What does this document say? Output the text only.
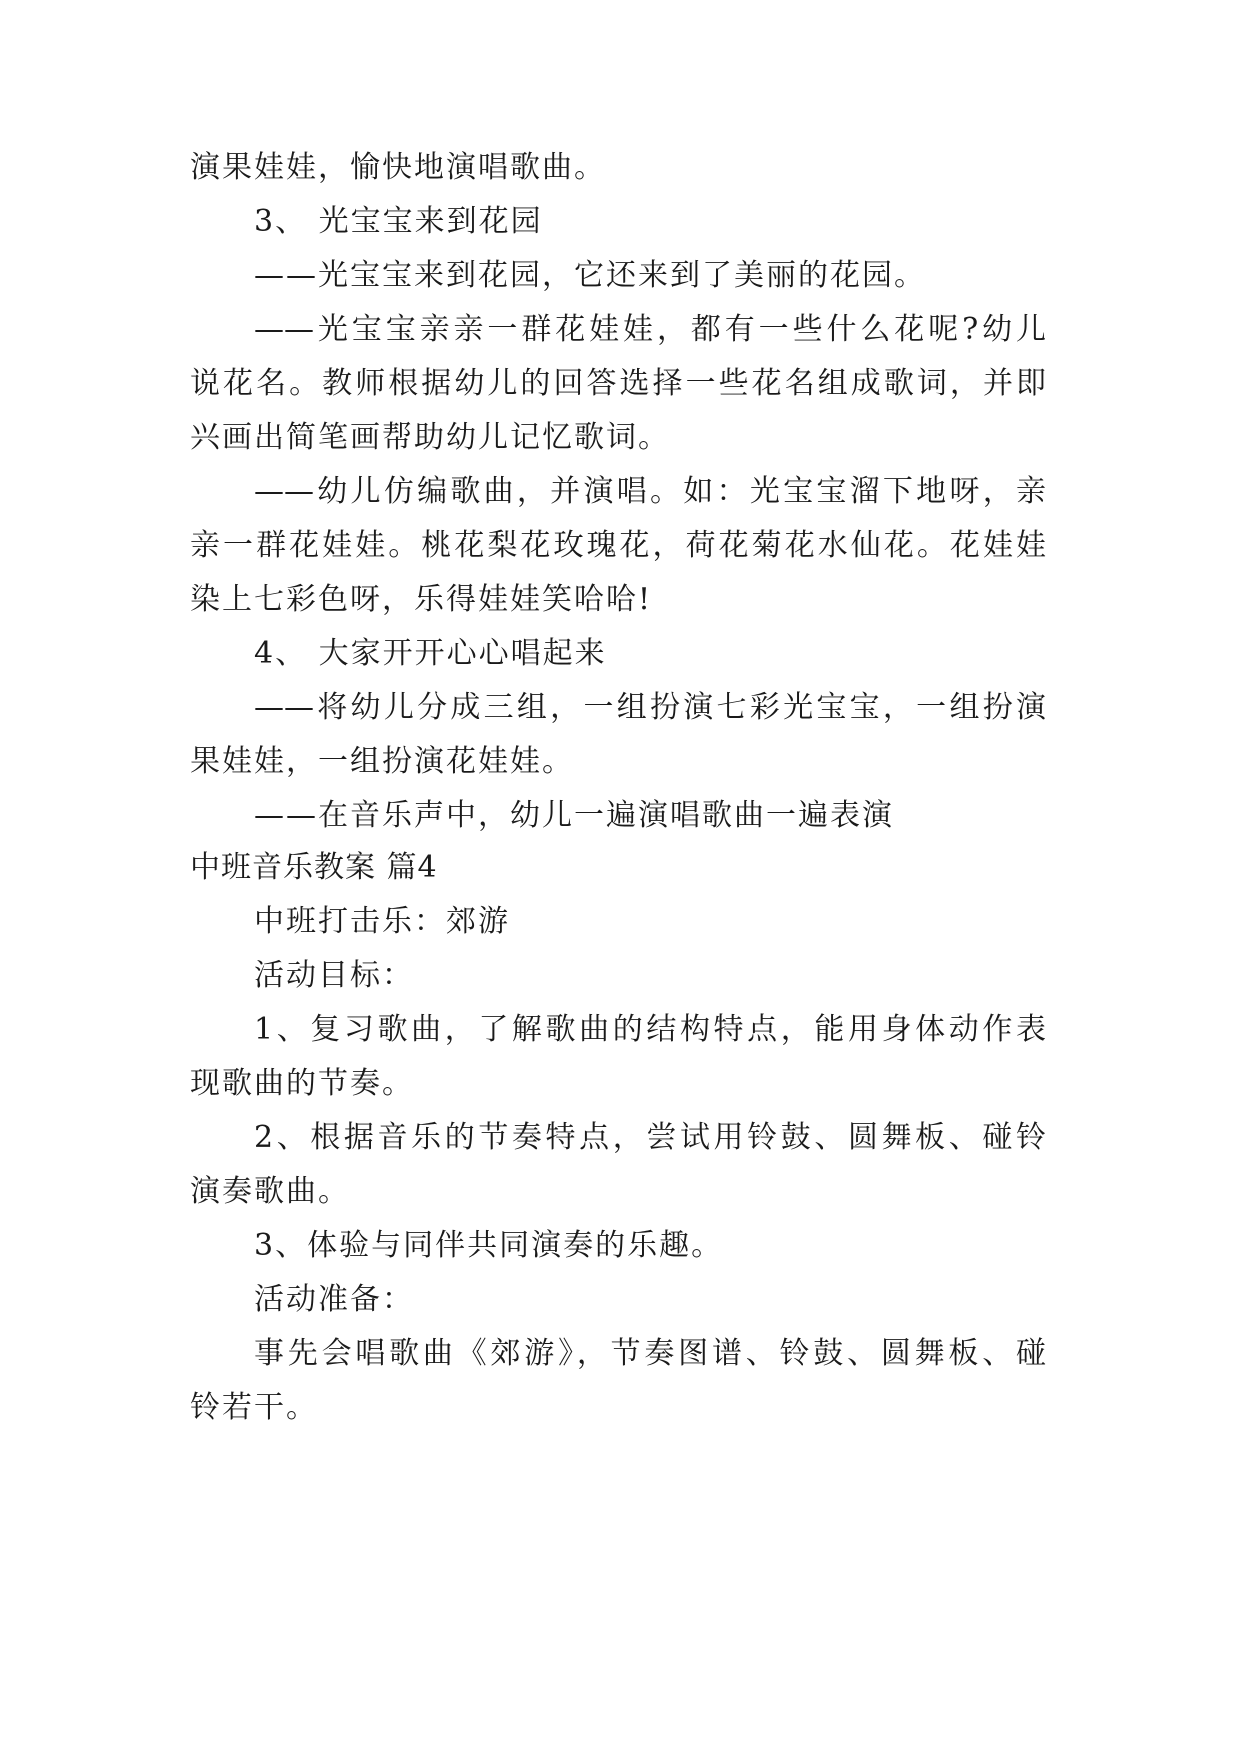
演果娃娃，愉快地演唱歌曲。
3、 光宝宝来到花园
——光宝宝来到花园，它还来到了美丽的花园。
——光宝宝亲亲一群花娃娃，都有一些什么花呢?幼儿
说花名。教师根据幼儿的回答选择一些花名组成歌词，并即
兴画出简笔画帮助幼儿记忆歌词。
——幼儿仿编歌曲，并演唱。如：光宝宝溜下地呀，亲
亲一群花娃娃。桃花梨花玫瑰花，荷花菊花水仙花。花娃娃
染上七彩色呀，乐得娃娃笑哈哈!
4、 大家开开心心唱起来
——将幼儿分成三组，一组扮演七彩光宝宝，一组扮演
果娃娃，一组扮演花娃娃。
——在音乐声中，幼儿一遍演唱歌曲一遍表演
中班音乐教案 篇4
中班打击乐：郊游
活动目标：
1、复习歌曲，了解歌曲的结构特点，能用身体动作表
现歌曲的节奏。
2、根据音乐的节奏特点，尝试用铃鼓、圆舞板、碰铃
演奏歌曲。
3、体验与同伴共同演奏的乐趣。
活动准备：
事先会唱歌曲《郊游》，节奏图谱、铃鼓、圆舞板、碰
铃若干。
